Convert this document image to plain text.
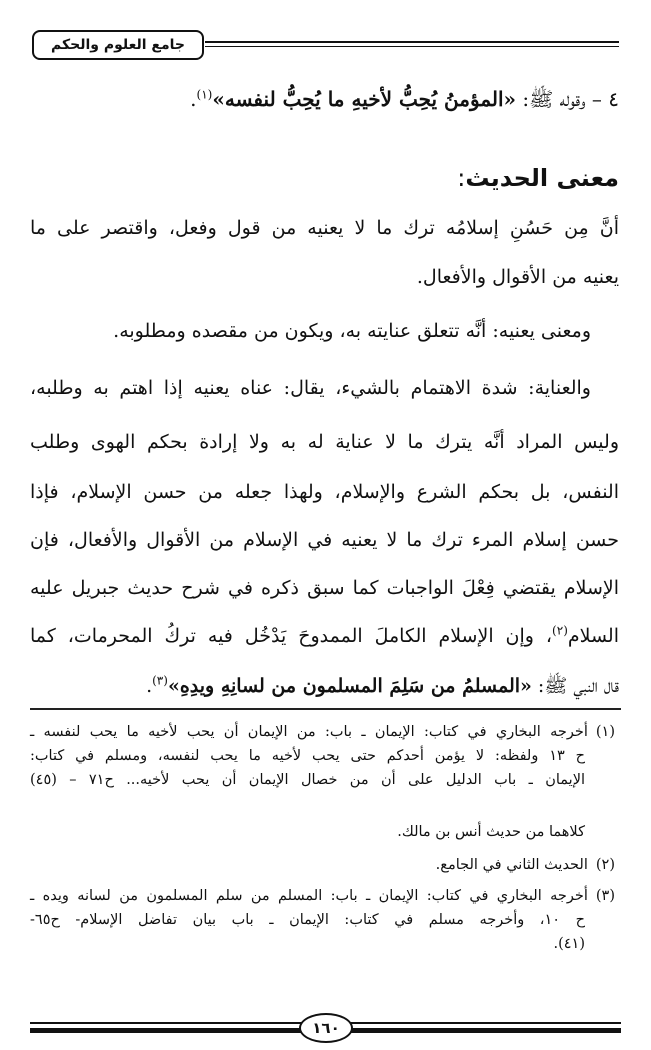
جامع العلوم والحكم
٤ – وقوله ﷺ: «المؤمنُ يُحِبُّ لأخيهِ ما يُحِبُّ لنفسه»$^{(١)}$.
معنى الحديث:
أنَّ مِن حَسُنِ إسلامُه ترك ما لا يعنيه من قول وفعل، واقتصر على ما
يعنيه من الأقوال والأفعال.
ومعنى يعنيه: أنَّه تتعلق عنايته به، ويكون من مقصده ومطلوبه.
والعناية: شدة الاهتمام بالشيء، يقال: عناه يعنيه إذا اهتم به وطلبه،
وليس المراد أنَّه يترك ما لا عناية له به ولا إرادة بحكم الهوى وطلب
النفس، بل بحكم الشرع والإسلام، ولهذا جعله من حسن الإسلام، فإذا
حسن إسلام المرء ترك ما لا يعنيه في الإسلام من الأقوال والأفعال، فإن
الإسلام يقتضي فِعْلَ الواجبات كما سبق ذكره في شرح حديث جبريل عليه
السلام$^{(٢)}$، وإن الإسلام الكاملَ الممدوحَ يَدْخُل فيه تركُ المحرمات، كما
قال النبي ﷺ: «المسلمُ من سَلِمَ المسلمون من لسانِهِ ويدِهِ»$^{(٣)}$.
(١)أخرجه البخاري في كتاب: الإيمان ـ باب: من الإيمان أن يحب لأخيه ما يحب لنفسه ـ
ح ١٣ ولفظه: لا يؤمن أحدكم حتى يحب لأخيه ما يحب لنفسه، ومسلم في كتاب:
الإيمان ـ باب الدليل على أن من خصال الإيمان أن يحب لأخيه... ح٧١ – (٤٥)
كلاهما من حديث أنس بن مالك.
(٢)الحديث الثاني في الجامع.
(٣)أخرجه البخاري في كتاب: الإيمان ـ باب: المسلم من سلم المسلمون من لسانه ويده ـ
ح ١٠، وأخرجه مسلم في كتاب: الإيمان ـ باب بيان تفاضل الإسلام- ح٦٥-
(٤١).
١٦٠
